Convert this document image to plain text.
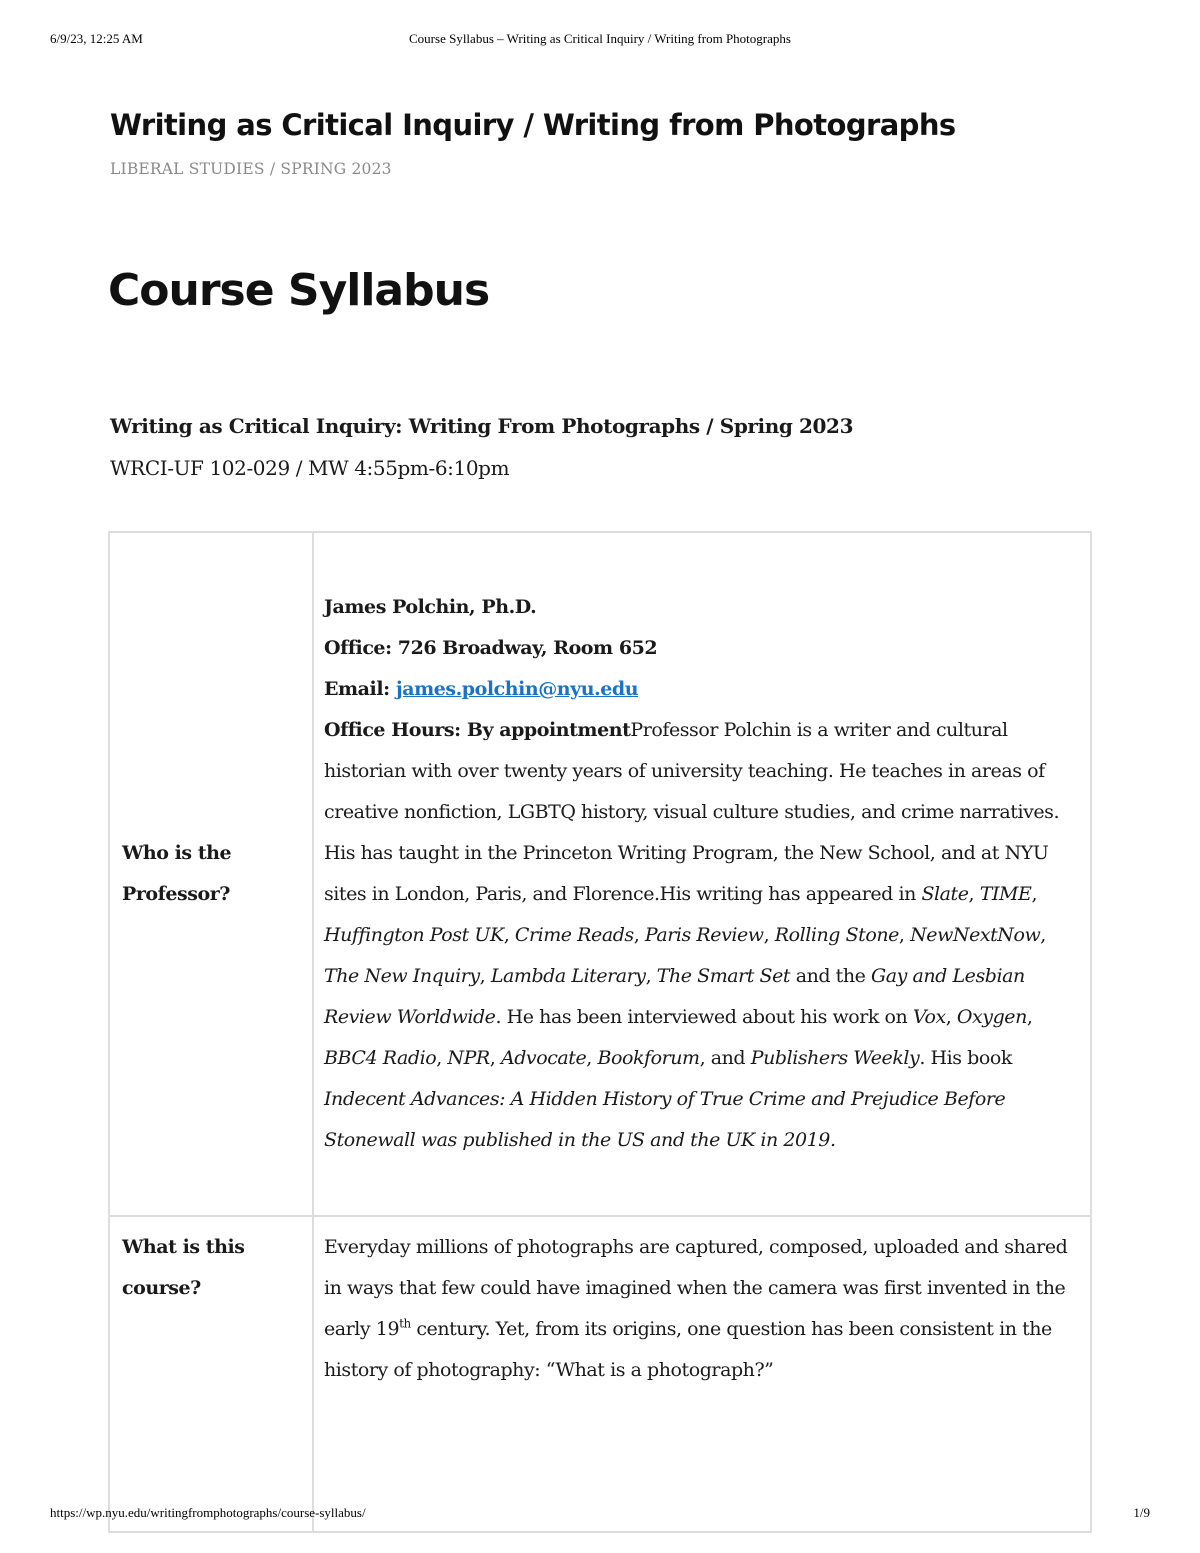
6/9/23, 12:25 AM	Course Syllabus – Writing as Critical Inquiry / Writing from Photographs
Writing as Critical Inquiry / Writing from Photographs
LIBERAL STUDIES / SPRING 2023
Course Syllabus
Writing as Critical Inquiry: Writing From Photographs / Spring 2023
WRCI-UF 102-029 / MW 4:55pm-6:10pm
Who is the Professor?	James Polchin, Ph.D.
Office: 726 Broadway, Room 652
Email: james.polchin@nyu.edu
Office Hours: By appointmentProfessor Polchin is a writer and cultural historian with over twenty years of university teaching. He teaches in areas of creative nonfiction, LGBTQ history, visual culture studies, and crime narratives. His has taught in the Princeton Writing Program, the New School, and at NYU sites in London, Paris, and Florence.His writing has appeared in Slate, TIME, Huffington Post UK, Crime Reads, Paris Review, Rolling Stone, NewNextNow, The New Inquiry, Lambda Literary, The Smart Set and the Gay and Lesbian Review Worldwide. He has been interviewed about his work on Vox, Oxygen, BBC4 Radio, NPR, Advocate, Bookforum, and Publishers Weekly. His book Indecent Advances: A Hidden History of True Crime and Prejudice Before Stonewall was published in the US and the UK in 2019.

What is this course?	Everyday millions of photographs are captured, composed, uploaded and shared in ways that few could have imagined when the camera was first invented in the early 19th century. Yet, from its origins, one question has been consistent in the history of photography: “What is a photograph?”
https://wp.nyu.edu/writingfromphotographs/course-syllabus/	1/9
